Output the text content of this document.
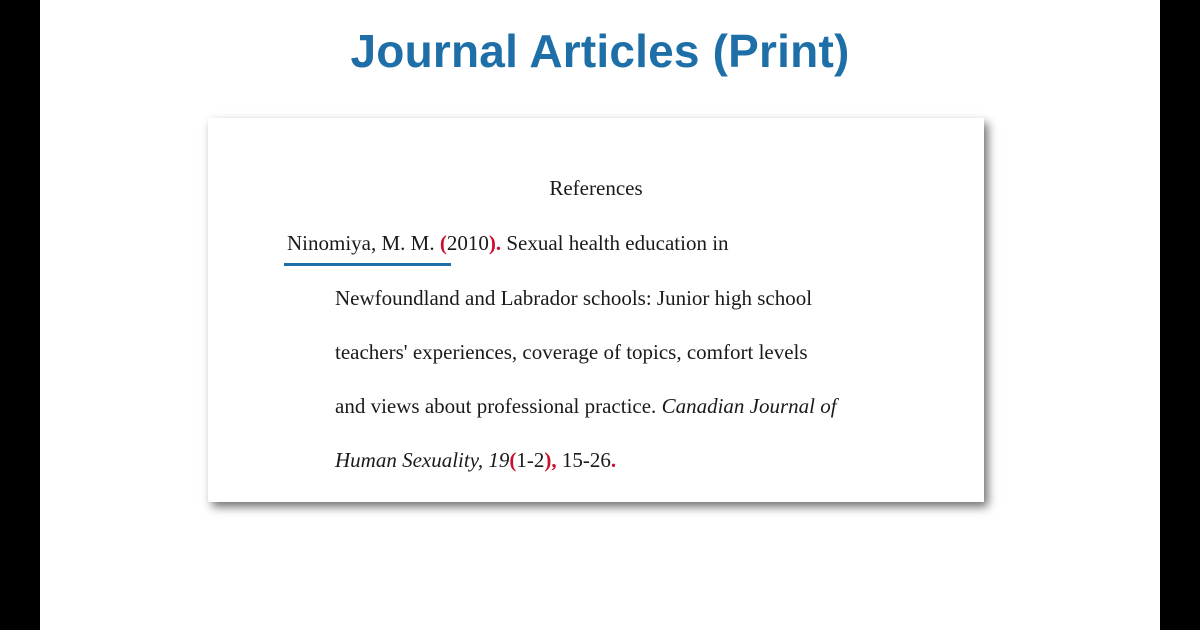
Journal Articles (Print)
References
Ninomiya, M. M. (2010). Sexual health education in
Newfoundland and Labrador schools: Junior high school
teachers' experiences, coverage of topics, comfort levels
and views about professional practice. Canadian Journal of
Human Sexuality, 19(1-2), 15-26.
